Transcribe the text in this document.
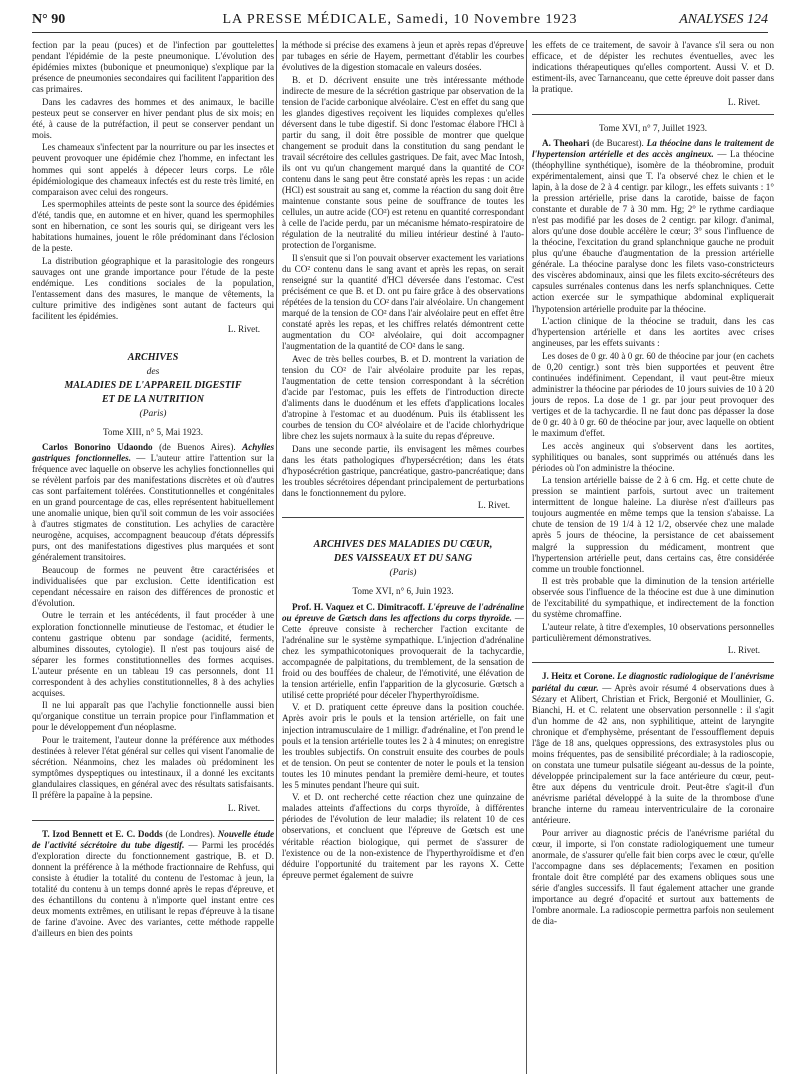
N° 90	LA PRESSE MÉDICALE, Samedi, 10 Novembre 1923	ANALYSES 124

fection par la peau (puces) et de l'infection par gouttelettes pendant l'épidémie de la peste pneumonique. L'évolution des épidémies mixtes (bubonique et pneumonique) s'explique par la présence de pneumonies secondaires qui facilitent l'apparition des cas primaires.

Dans les cadavres des hommes et des animaux, le bacille pesteux peut se conserver en hiver pendant plus de six mois; en été, à cause de la putréfaction, il peut se conserver pendant un mois.

Les chameaux s'infectent par la nourriture ou par les insectes et peuvent provoquer une épidémie chez l'homme, en infectant les hommes qui sont appelés à dépecer leurs corps. Le rôle épidémiologique des chameaux infectés est du reste très limité, en comparaison avec celui des rongeurs.

Les spermophiles atteints de peste sont la source des épidémies d'été, tandis que, en automne et en hiver, quand les spermophiles sont en hibernation, ce sont les souris qui, se dirigeant vers les habitations humaines, jouent le rôle prédominant dans l'éclosion de la peste.

La distribution géographique et la parasitologie des rongeurs sauvages ont une grande importance pour l'étude de la peste endémique. Les conditions sociales de la population, l'entassement dans des masures, le manque de vêtements, la culture primitive des indigènes sont autant de facteurs qui facilitent les épidémies.

L. Rivet.
ARCHIVES
des
MALADIES DE L'APPAREIL DIGESTIF
ET DE LA NUTRITION
(Paris)
Tome XIII, n° 5, Mai 1923.

Carlos Bonorino Udaondo (de Buenos Aires). Achylies gastriques fonctionnelles. — L'auteur attire l'attention sur la fréquence avec laquelle on observe les achylies fonctionnelles qui se révèlent parfois par des manifestations discrètes et où d'autres cas sont parfaitement tolérées. Constitutionnelles et congénitales en un grand pourcentage de cas, elles représentent habituellement une anomalie unique, bien qu'il soit commun de les voir associées à d'autres stigmates de constitution. Les achylies de caractère neurogène, acquises, accompagnent beaucoup d'états dépressifs purs, ont des manifestations digestives plus marquées et sont généralement transitoires.

Beaucoup de formes ne peuvent être caractérisées et individualisées que par exclusion. Cette identification est cependant nécessaire en raison des différences de pronostic et d'évolution.

Outre le terrain et les antécédents, il faut procéder à une exploration fonctionnelle minutieuse de l'estomac, et étudier le contenu gastrique obtenu par sondage (acidité, ferments, albumines dissoutes, cytologie). Il n'est pas toujours aisé de séparer les formes constitutionnelles des formes acquises. L'auteur présente en un tableau 19 cas personnels, dont 11 correspondent à des achylies constitutionnelles, 8 à des achylies acquises.

Il ne lui apparaît pas que l'achylie fonctionnelle aussi bien qu'organique constitue un terrain propice pour l'inflammation et pour le développement d'un néoplasme.

Pour le traitement, l'auteur donne la préférence aux méthodes destinées à relever l'état général sur celles qui visent l'anomalie de sécrétion. Néanmoins, chez les malades où prédominent les symptômes dyspeptiques ou intestinaux, il a donné les excitants glandulaires classiques, en général avec des résultats satisfaisants. Il préfère la papaïne à la pepsine.

L. Rivet.

T. Izod Bennett et E. C. Dodds (de Londres). Nouvelle étude de l'activité sécrétoire du tube digestif. — Parmi les procédés d'exploration directe du fonctionnement gastrique, B. et D. donnent la préférence à la méthode fractionnaire de Rehfuss, qui consiste à étudier la totalité du contenu de l'estomac à jeun, la totalité du contenu à un temps donné après le repas d'épreuve, et des échantillons du contenu à n'importe quel instant entre ces deux moments extrêmes, en utilisant le repas d'épreuve à la tisane de farine d'avoine. Avec des variantes, cette méthode rappelle d'ailleurs en bien des points

la méthode si précise des examens à jeun et après repas d'épreuve par tubages en série de Hayem, permettant d'établir les courbes évolutives de la digestion stomacale en valeurs dosées.

B. et D. décrivent ensuite une très intéressante méthode indirecte de mesure de la sécrétion gastrique par observation de la tension de l'acide carbonique alvéolaire. C'est en effet du sang que les glandes digestives reçoivent les liquides complexes qu'elles déversent dans le tube digestif. Si donc l'estomac élabore l'HCl à partir du sang, il doit être possible de montrer que quelque changement se produit dans la constitution du sang pendant le travail sécrétoire des cellules gastriques. De fait, avec Mac Intosh, ils ont vu qu'un changement marqué dans la quantité de CO² contenu dans le sang peut être constaté après les repas : un acide (HCl) est soustrait au sang et, comme la réaction du sang doit être maintenue constante sous peine de souffrance de toutes les cellules, un autre acide (CO²) est retenu en quantité correspondant à celle de l'acide perdu, par un mécanisme hémato-respiratoire de régulation de la neutralité du milieu intérieur destiné à l'auto-protection de l'organisme.

Il s'ensuit que si l'on pouvait observer exactement les variations du CO² contenu dans le sang avant et après les repas, on serait renseigné sur la quantité d'HCl déversée dans l'estomac. C'est précisément ce que B. et D. ont pu faire grâce à des observations répétées de la tension du CO² dans l'air alvéolaire. Un changement marqué de la tension de CO² dans l'air alvéolaire peut en effet être constaté après les repas, et les chiffres relatés démontrent cette augmentation du CO² alvéolaire, qui doit accompagner l'augmentation de la quantité de CO² dans le sang.

Avec de très belles courbes, B. et D. montrent la variation de tension du CO² de l'air alvéolaire produite par les repas, l'augmentation de cette tension correspondant à la sécrétion d'acide par l'estomac, puis les effets de l'introduction directe d'aliments dans le duodénum et les effets d'applications locales d'atropine à l'estomac et au duodénum. Puis ils établissent les courbes de tension du CO² alvéolaire et de l'acide chlorhydrique libre chez les sujets normaux à la suite du repas d'épreuve.

Dans une seconde partie, ils envisagent les mêmes courbes dans les états pathologiques d'hypersécrétion; dans les états d'hyposécrétion gastrique, pancréatique, gastro-pancréatique; dans les troubles sécrétoires dépendant principalement de perturbations dans le fonctionnement du pylore.

L. Rivet.
ARCHIVES DES MALADIES DU CŒUR,
DES VAISSEAUX ET DU SANG
(Paris)
Tome XVI, n° 6, Juin 1923.

Prof. H. Vaquez et C. Dimitracoff. L'épreuve de l'adrénaline ou épreuve de Gœtsch dans les affections du corps thyroïde. — Cette épreuve consiste à rechercher l'action excitante de l'adrénaline sur le système sympathique. L'injection d'adrénaline chez les sympathicotoniques provoquerait de la tachycardie, accompagnée de palpitations, du tremblement, de la sensation de froid ou des bouffées de chaleur, de l'émotivité, une élévation de la tension artérielle, enfin l'apparition de la glycosurie. Gœtsch a utilisé cette propriété pour déceler l'hyperthyroïdisme.

V. et D. pratiquent cette épreuve dans la position couchée. Après avoir pris le pouls et la tension artérielle, on fait une injection intramusculaire de 1 milligr. d'adrénaline, et l'on prend le pouls et la tension artérielle toutes les 2 à 4 minutes; on enregistre les troubles subjectifs. On construit ensuite des courbes de pouls et de tension. On peut se contenter de noter le pouls et la tension toutes les 10 minutes pendant la première demi-heure, et toutes les 5 minutes pendant l'heure qui suit.

V. et D. ont recherché cette réaction chez une quinzaine de malades atteints d'affections du corps thyroïde, à différentes périodes de l'évolution de leur maladie; ils relatent 10 de ces observations, et concluent que l'épreuve de Gœtsch est une véritable réaction biologique, qui permet de s'assurer de l'existence ou de la non-existence de l'hyperthyroïdisme et d'en déduire l'opportunité du traitement par les rayons X. Cette épreuve permet également de suivre

les effets de ce traitement, de savoir à l'avance s'il sera ou non efficace, et de dépister les rechutes éventuelles, avec les indications thérapeutiques qu'elles comportent. Aussi V. et D. estiment-ils, avec Tarnanceanu, que cette épreuve doit passer dans la pratique.

L. Rivet.
Tome XVI, n° 7, Juillet 1923.

A. Theohari (de Bucarest). La théocine dans le traitement de l'hypertension artérielle et des accès angineux. — La théocine (théophylline synthétique), isomère de la théobromine, produit expérimentalement, ainsi que T. l'a observé chez le chien et le lapin, à la dose de 2 à 4 centigr. par kilogr., les effets suivants : 1° la pression artérielle, prise dans la carotide, baisse de façon constante et durable de 7 à 30 mm. Hg; 2° le rythme cardiaque n'est pas modifié par les doses de 2 centigr. par kilogr. d'animal, alors qu'une dose double accélère le cœur; 3° sous l'influence de la théocine, l'excitation du grand splanchnique gauche ne produit plus qu'une ébauche d'augmentation de la pression artérielle générale. La théocine paralyse donc les filets vaso-constricteurs des viscères abdominaux, ainsi que les filets excito-sécréteurs des capsules surrénales contenus dans les nerfs splanchniques. Cette action exercée sur le sympathique abdominal expliquerait l'hypotension artérielle produite par la théocine.

L'action clinique de la théocine se traduit, dans les cas d'hypertension artérielle et dans les aortites avec crises angineuses, par les effets suivants :

Les doses de 0 gr. 40 à 0 gr. 60 de théocine par jour (en cachets de 0,20 centigr.) sont très bien supportées et peuvent être continuées indéfiniment. Cependant, il vaut peut-être mieux administrer la théocine par périodes de 10 jours suivies de 10 à 20 jours de repos. La dose de 1 gr. par jour peut provoquer des vertiges et de la tachycardie. Il ne faut donc pas dépasser la dose de 0 gr. 40 à 0 gr. 60 de théocine par jour, avec laquelle on obtient le maximum d'effet.

Les accès angineux qui s'observent dans les aortites, syphilitiques ou banales, sont supprimés ou atténués dans les périodes où l'on administre la théocine.

La tension artérielle baisse de 2 à 6 cm. Hg. et cette chute de pression se maintient parfois, surtout avec un traitement intermittent de longue haleine. La diurèse n'est d'ailleurs pas toujours augmentée en même temps que la tension s'abaisse. La chute de tension de 19 1/4 à 12 1/2, observée chez une malade après 5 jours de théocine, la persistance de cet abaissement malgré la suppression du médicament, montrent que l'hypertension artérielle peut, dans certains cas, être considérée comme un trouble fonctionnel.

Il est très probable que la diminution de la tension artérielle observée sous l'influence de la théocine est due à une diminution de l'excitabilité du sympathique, et indirectement de la fonction du système chromaffine.

L'auteur relate, à titre d'exemples, 10 observations personnelles particulièrement démonstratives.

L. Rivet.

J. Heitz et Corone. Le diagnostic radiologique de l'anévrisme pariétal du cœur. — Après avoir résumé 4 observations dues à Sézary et Alibert, Christian et Frick, Bergonié et Moullinier, G. Bianchi, H. et C. relatent une observation personnelle : il s'agit d'un homme de 42 ans, non syphilitique, atteint de laryngite chronique et d'emphysème, présentant de l'essoufflement depuis l'âge de 18 ans, quelques oppressions, des extrasystoles plus ou moins fréquentes, pas de sensibilité précordiale; à la radioscopie, on constata une tumeur pulsatile siégeant au-dessus de la pointe, développée principalement sur la face antérieure du cœur, peut-être aux dépens du ventricule droit. Peut-être s'agit-il d'un anévrisme pariétal développé à la suite de la thrombose d'une branche interne du rameau interventriculaire de la coronaire antérieure.

Pour arriver au diagnostic précis de l'anévrisme pariétal du cœur, il importe, si l'on constate radiologiquement une tumeur anormale, de s'assurer qu'elle fait bien corps avec le cœur, qu'elle l'accompagne dans ses déplacements; l'examen en position frontale doit être complété par des examens obliques sous une série d'angles successifs. Il faut également attacher une grande importance au degré d'opacité et surtout aux battements de l'ombre anormale. La radioscopie permettra parfois non seulement de dia-
